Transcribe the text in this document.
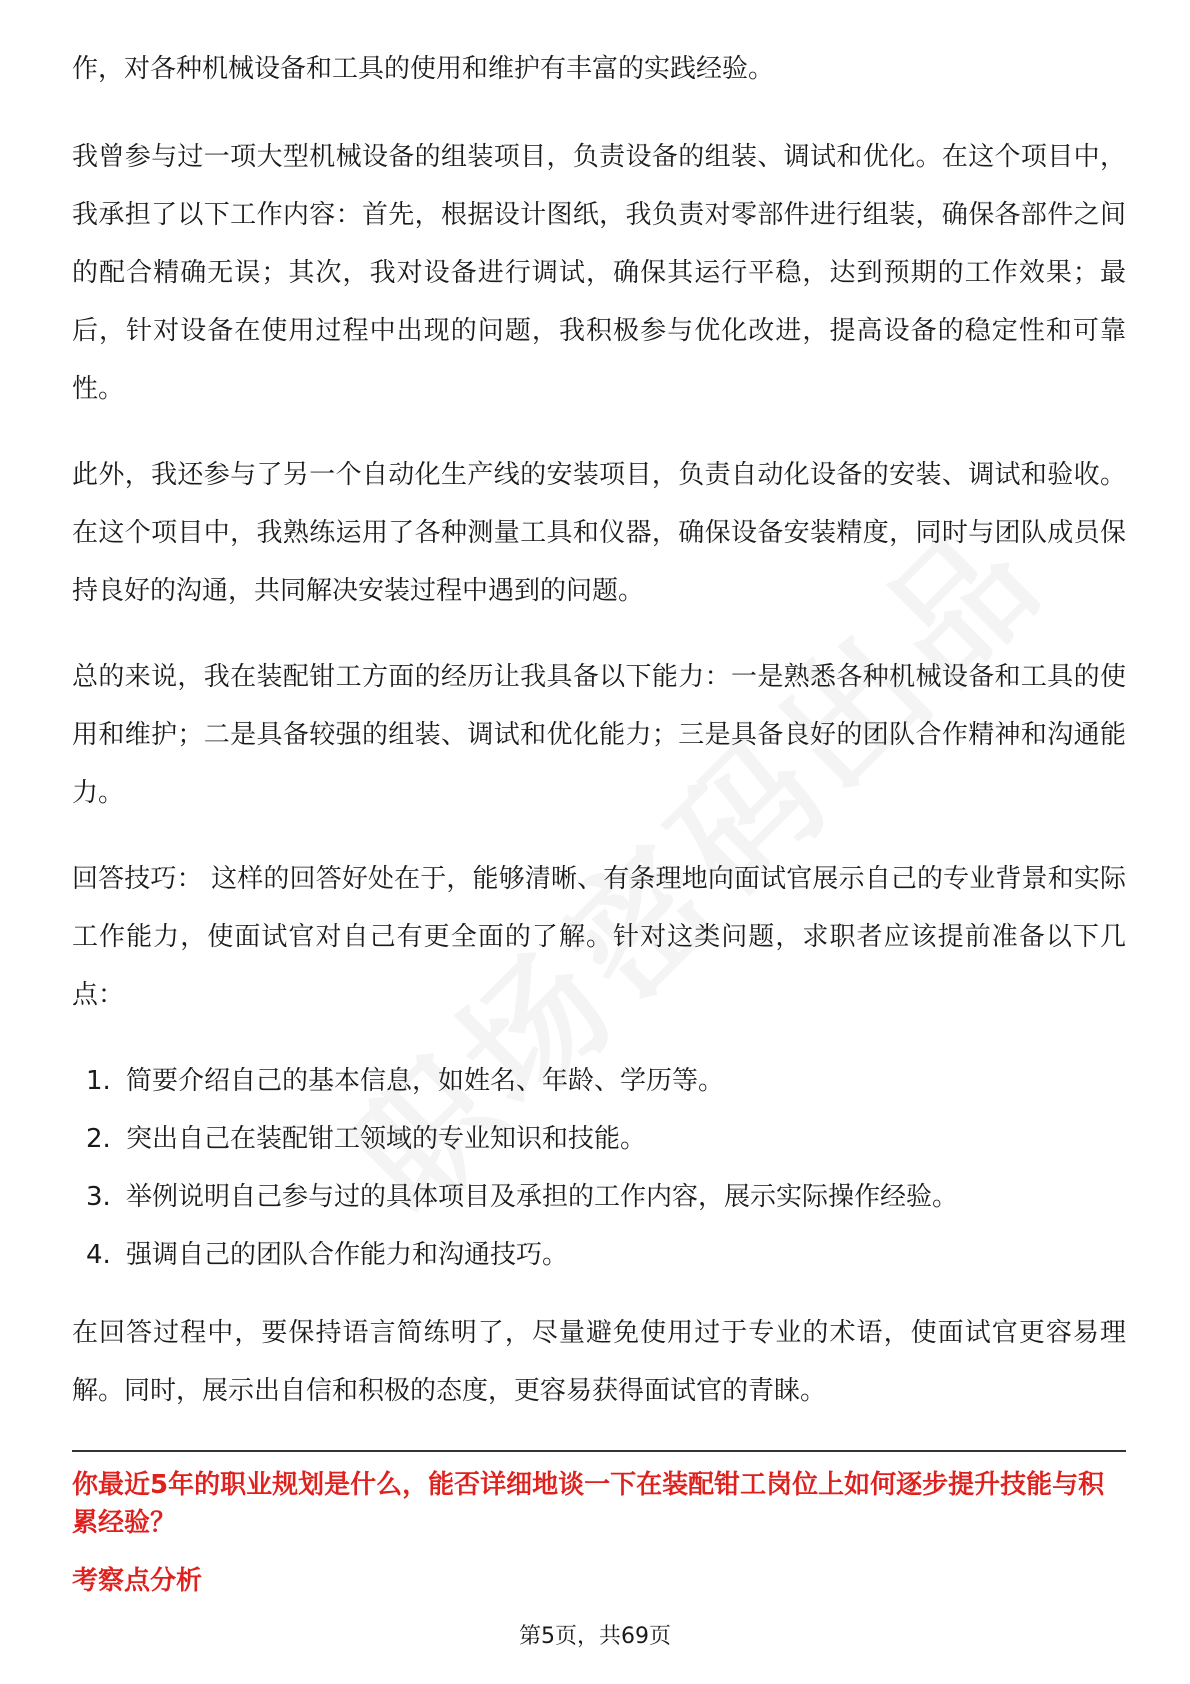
作，对各种机械设备和工具的使用和维护有丰富的实践经验。

我曾参与过一项大型机械设备的组装项目，负责设备的组装、调试和优化。在这个项目中，我承担了以下工作内容：首先，根据设计图纸，我负责对零部件进行组装，确保各部件之间的配合精确无误；其次，我对设备进行调试，确保其运行平稳，达到预期的工作效果；最后，针对设备在使用过程中出现的问题，我积极参与优化改进，提高设备的稳定性和可靠性。

此外，我还参与了另一个自动化生产线的安装项目，负责自动化设备的安装、调试和验收。在这个项目中，我熟练运用了各种测量工具和仪器，确保设备安装精度，同时与团队成员保持良好的沟通，共同解决安装过程中遇到的问题。

总的来说，我在装配钳工方面的经历让我具备以下能力：一是熟悉各种机械设备和工具的使用和维护；二是具备较强的组装、调试和优化能力；三是具备良好的团队合作精神和沟通能力。

回答技巧： 这样的回答好处在于，能够清晰、有条理地向面试官展示自己的专业背景和实际工作能力，使面试官对自己有更全面的了解。针对这类问题，求职者应该提前准备以下几点：

1. 简要介绍自己的基本信息，如姓名、年龄、学历等。
2. 突出自己在装配钳工领域的专业知识和技能。
3. 举例说明自己参与过的具体项目及承担的工作内容，展示实际操作经验。
4. 强调自己的团队合作能力和沟通技巧。

在回答过程中，要保持语言简练明了，尽量避免使用过于专业的术语，使面试官更容易理解。同时，展示出自信和积极的态度，更容易获得面试官的青睐。

你最近5年的职业规划是什么，能否详细地谈一下在装配钳工岗位上如何逐步提升技能与积累经验？

考察点分析

第5页，共69页
